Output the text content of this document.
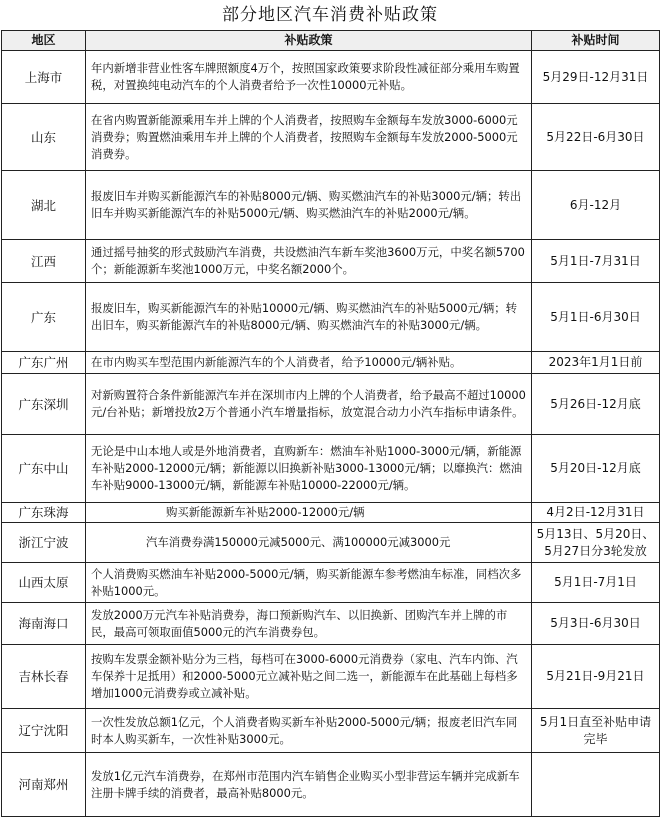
部分地区汽车消费补贴政策
地区	补贴政策	补贴时间
上海市	年内新增非营业性客车牌照额度4万个，按照国家政策要求阶段性减征部分乘用车购置税，对置换纯电动汽车的个人消费者给予一次性10000元补贴。	5月29日-12月31日
山东	在省内购置新能源乘用车并上牌的个人消费者，按照购车金额每车发放3000-6000元消费券；购置燃油乘用车并上牌的个人消费者，按照购车金额每车发放2000-5000元消费券。	5月22日-6月30日
湖北	报废旧车并购买新能源汽车的补贴8000元/辆、购买燃油汽车的补贴3000元/辆；转出旧车并购买新能源汽车的补贴5000元/辆、购买燃油汽车的补贴2000元/辆。	6月-12月
江西	通过摇号抽奖的形式鼓励汽车消费，共设燃油汽车新车奖池3600万元，中奖名额5700个；新能源新车奖池1000万元，中奖名额2000个。	5月1日-7月31日
广东	报废旧车，购买新能源汽车的补贴10000元/辆、购买燃油汽车的补贴5000元/辆；转出旧车，购买新能源汽车的补贴8000元/辆、购买燃油汽车的补贴3000元/辆。	5月1日-6月30日
广东广州	在市内购买车型范围内新能源汽车的个人消费者，给予10000元/辆补贴。	2023年1月1日前
广东深圳	对新购置符合条件新能源汽车并在深圳市内上牌的个人消费者，给予最高不超过10000元/台补贴；新增投放2万个普通小汽车增量指标，放宽混合动力小汽车指标申请条件。	5月26日-12月底
广东中山	无论是中山本地人或是外地消费者，直购新车：燃油车补贴1000-3000元/辆，新能源车补贴2000-12000元/辆；新能源以旧换新补贴3000-13000元/辆；以靡换汽：燃油车补贴9000-13000元/辆，新能源车补贴10000-22000元/辆。	5月20日-12月底
广东珠海	购买新能源新车补贴2000-12000元/辆	4月2日-12月31日
浙江宁波	汽车消费券满150000元减5000元、满100000元减3000元	5月13日、5月20日、5月27日分3轮发放
山西太原	个人消费购买燃油车补贴2000-5000元/辆，购买新能源车参考燃油车标准，同档次多补贴1000元。	5月1日-7月1日
海南海口	发放2000万元汽车补贴消费券，海口预新购汽车、以旧换新、团购汽车并上牌的市民，最高可领取面值5000元的汽车消费券包。	5月3日-6月30日
吉林长春	按购车发票金额补贴分为三档，每档可在3000-6000元消费券（家电、汽车内饰、汽车保养十足抵用）和2000-5000元立减补贴之间二选一，新能源车在此基础上每档多增加1000元消费券或立减补贴。	5月21日-9月21日
辽宁沈阳	一次性发放总额1亿元，个人消费者购买新车补贴2000-5000元/辆；报废老旧汽车同时本人购买新车，一次性补贴3000元。	5月1日直至补贴申请完毕
河南郑州	发放1亿元汽车消费券，在郑州市范围内汽车销售企业购买小型非营运车辆并完成新车注册卡牌手续的消费者，最高补贴8000元。	
